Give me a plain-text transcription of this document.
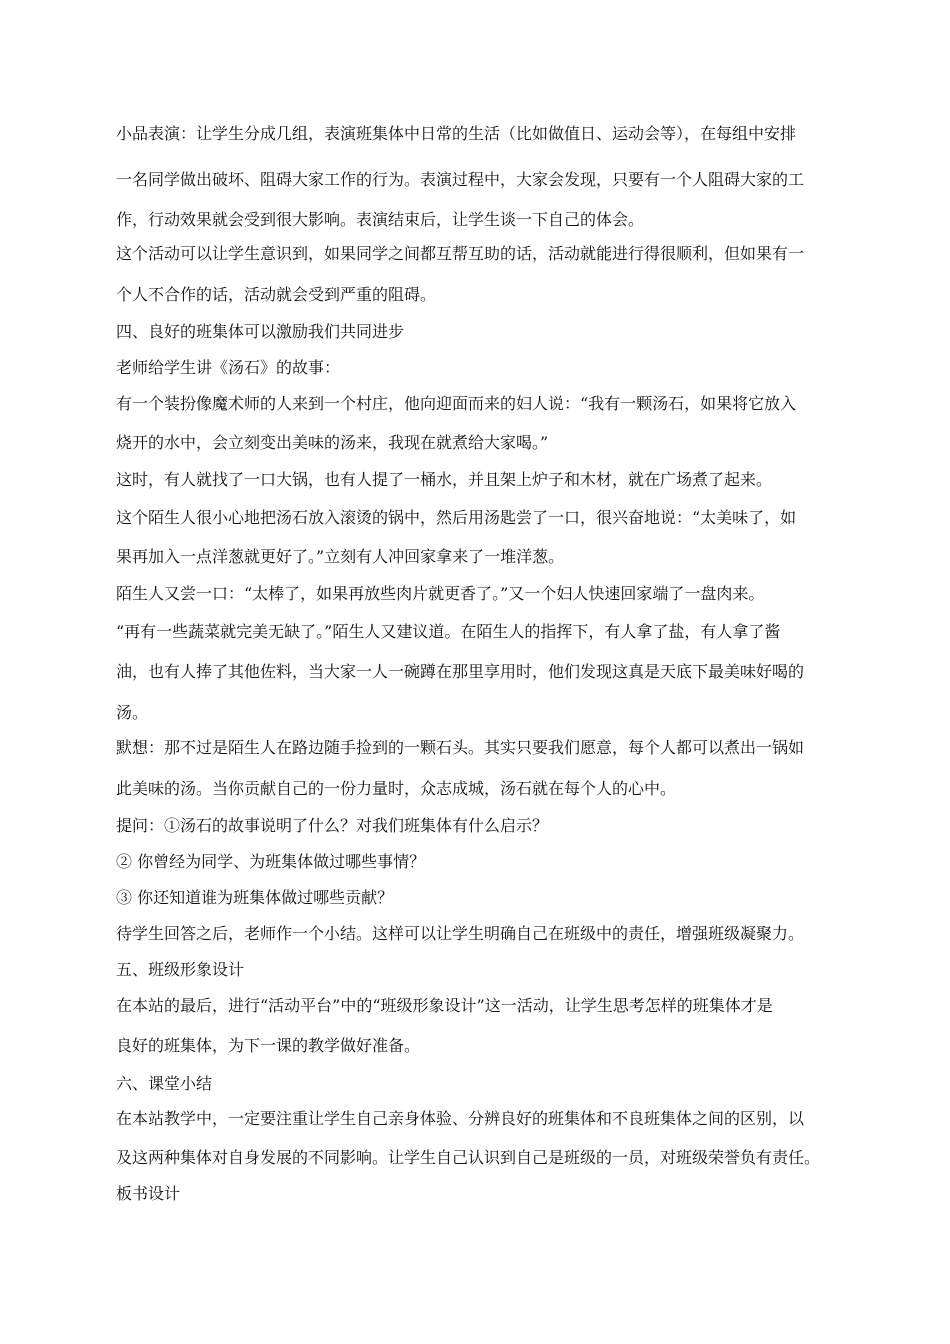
小品表演：让学生分成几组，表演班集体中日常的生活（比如做值日、运动会等），在每组中安排
一名同学做出破坏、阻碍大家工作的行为。表演过程中，大家会发现，只要有一个人阻碍大家的工
作，行动效果就会受到很大影响。表演结束后，让学生谈一下自己的体会。
这个活动可以让学生意识到，如果同学之间都互帮互助的话，活动就能进行得很顺利，但如果有一
个人不合作的话，活动就会受到严重的阻碍。
四、良好的班集体可以激励我们共同进步
老师给学生讲《汤石》的故事：
有一个装扮像魔术师的人来到一个村庄，他向迎面而来的妇人说：“我有一颗汤石，如果将它放入
烧开的水中，会立刻变出美味的汤来，我现在就煮给大家喝。”
这时，有人就找了一口大锅，也有人提了一桶水，并且架上炉子和木材，就在广场煮了起来。
这个陌生人很小心地把汤石放入滚烫的锅中，然后用汤匙尝了一口，很兴奋地说：“太美味了，如
果再加入一点洋葱就更好了。”立刻有人冲回家拿来了一堆洋葱。
陌生人又尝一口：“太棒了，如果再放些肉片就更香了。”又一个妇人快速回家端了一盘肉来。
“再有一些蔬菜就完美无缺了。”陌生人又建议道。在陌生人的指挥下，有人拿了盐，有人拿了酱
油，也有人捧了其他佐料，当大家一人一碗蹲在那里享用时，他们发现这真是天底下最美味好喝的
汤。
默想：那不过是陌生人在路边随手捡到的一颗石头。其实只要我们愿意，每个人都可以煮出一锅如
此美味的汤。当你贡献自己的一份力量时，众志成城，汤石就在每个人的心中。
提问：①汤石的故事说明了什么？对我们班集体有什么启示？
② 你曾经为同学、为班集体做过哪些事情？
③ 你还知道谁为班集体做过哪些贡献？
待学生回答之后，老师作一个小结。这样可以让学生明确自己在班级中的责任，增强班级凝聚力。
五、班级形象设计
在本站的最后，进行“活动平台”中的“班级形象设计”这一活动，让学生思考怎样的班集体才是
良好的班集体，为下一课的教学做好准备。
六、课堂小结
在本站教学中，一定要注重让学生自己亲身体验、分辨良好的班集体和不良班集体之间的区别，以
及这两种集体对自身发展的不同影响。让学生自己认识到自己是班级的一员，对班级荣誉负有责任。
板书设计
